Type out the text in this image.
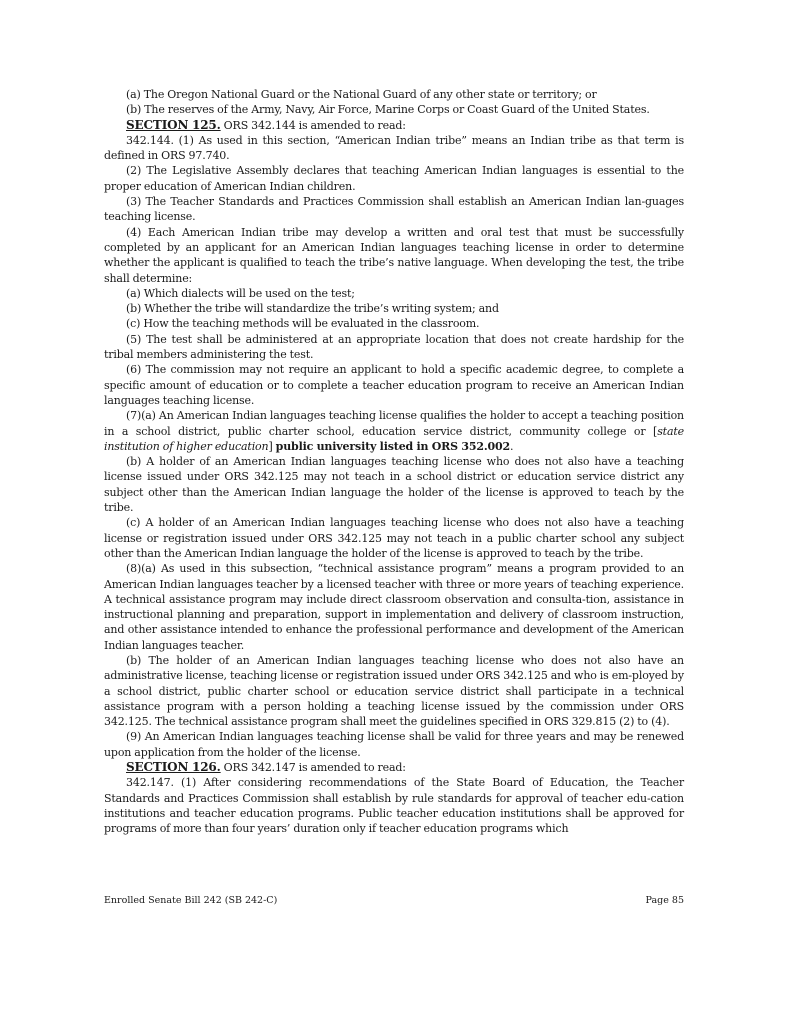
(a) The Oregon National Guard or the National Guard of any other state or territory; or

(b) The reserves of the Army, Navy, Air Force, Marine Corps or Coast Guard of the United States.

SECTION 125. ORS 342.144 is amended to read:

342.144. (1) As used in this section, “American Indian tribe” means an Indian tribe as that term is defined in ORS 97.740.

(2) The Legislative Assembly declares that teaching American Indian languages is essential to the proper education of American Indian children.

(3) The Teacher Standards and Practices Commission shall establish an American Indian lan-guages teaching license.

(4) Each American Indian tribe may develop a written and oral test that must be successfully completed by an applicant for an American Indian languages teaching license in order to determine whether the applicant is qualified to teach the tribe’s native language. When developing the test, the tribe shall determine:

(a) Which dialects will be used on the test;

(b) Whether the tribe will standardize the tribe’s writing system; and

(c) How the teaching methods will be evaluated in the classroom.

(5) The test shall be administered at an appropriate location that does not create hardship for the tribal members administering the test.

(6) The commission may not require an applicant to hold a specific academic degree, to complete a specific amount of education or to complete a teacher education program to receive an American Indian languages teaching license.

(7)(a) An American Indian languages teaching license qualifies the holder to accept a teaching position in a school district, public charter school, education service district, community college or [state institution of higher education] public university listed in ORS 352.002.

(b) A holder of an American Indian languages teaching license who does not also have a teaching license issued under ORS 342.125 may not teach in a school district or education service district any subject other than the American Indian language the holder of the license is approved to teach by the tribe.

(c) A holder of an American Indian languages teaching license who does not also have a teaching license or registration issued under ORS 342.125 may not teach in a public charter school any subject other than the American Indian language the holder of the license is approved to teach by the tribe.

(8)(a) As used in this subsection, “technical assistance program” means a program provided to an American Indian languages teacher by a licensed teacher with three or more years of teaching experience. A technical assistance program may include direct classroom observation and consulta-tion, assistance in instructional planning and preparation, support in implementation and delivery of classroom instruction, and other assistance intended to enhance the professional performance and development of the American Indian languages teacher.

(b) The holder of an American Indian languages teaching license who does not also have an administrative license, teaching license or registration issued under ORS 342.125 and who is em-ployed by a school district, public charter school or education service district shall participate in a technical assistance program with a person holding a teaching license issued by the commission under ORS 342.125. The technical assistance program shall meet the guidelines specified in ORS 329.815 (2) to (4).

(9) An American Indian languages teaching license shall be valid for three years and may be renewed upon application from the holder of the license.

SECTION 126. ORS 342.147 is amended to read:

342.147. (1) After considering recommendations of the State Board of Education, the Teacher Standards and Practices Commission shall establish by rule standards for approval of teacher edu-cation institutions and teacher education programs. Public teacher education institutions shall be approved for programs of more than four years’ duration only if teacher education programs which

Enrolled Senate Bill 242 (SB 242-C)	Page 85
